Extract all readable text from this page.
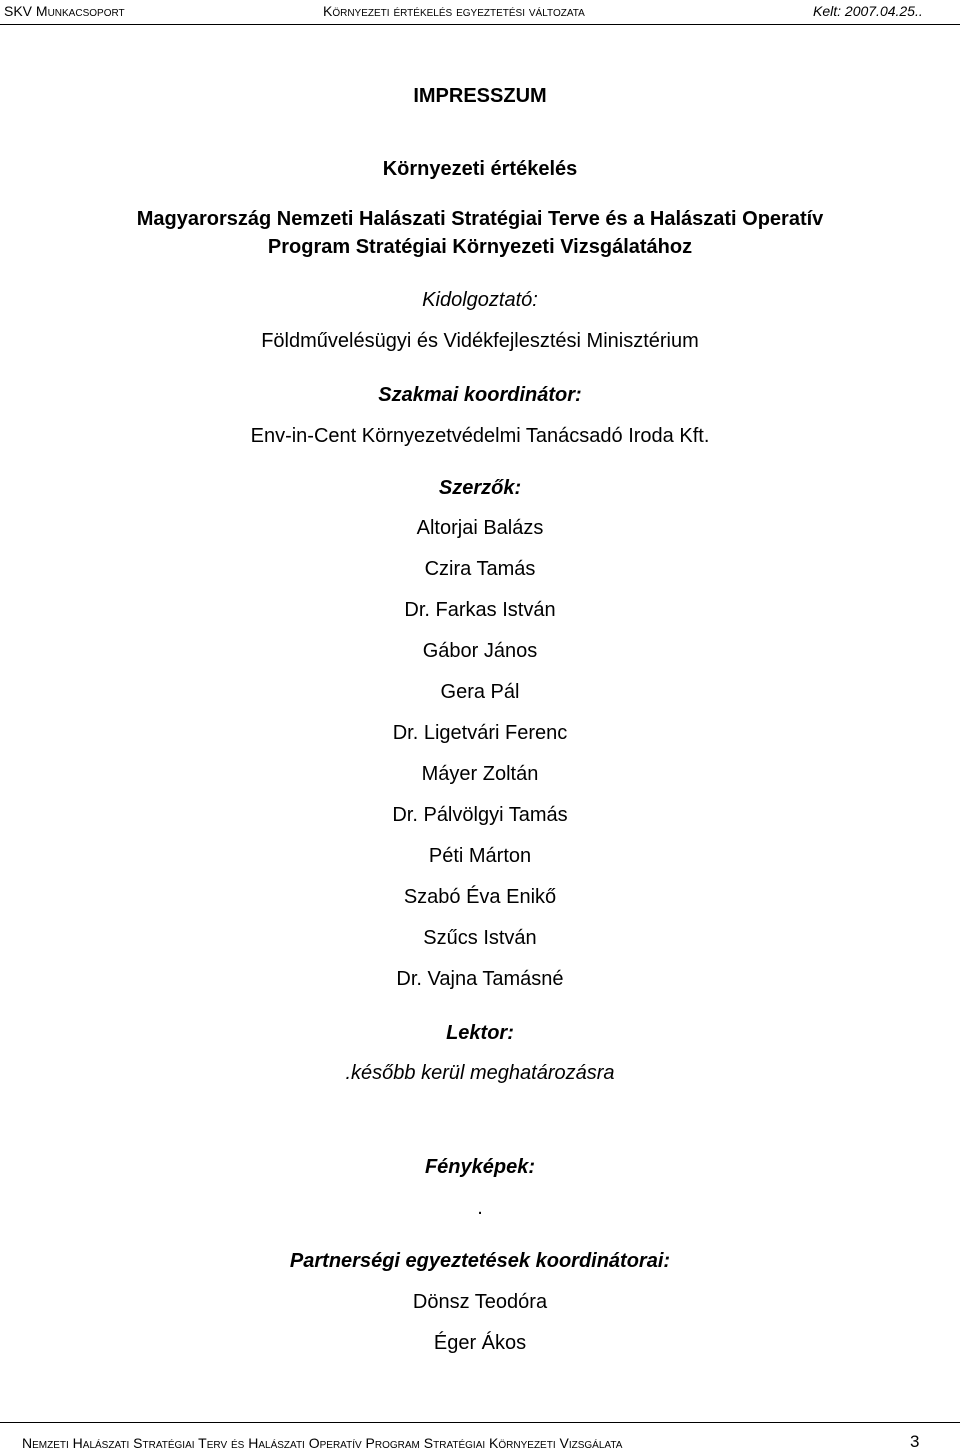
SKV Munkacsoport	Környezeti értékelés egyeztetési változata	Kelt: 2007.04.25..
IMPRESSZUM
Környezeti értékelés
Magyarország Nemzeti Halászati Stratégiai Terve és a Halászati Operatív
Program Stratégiai Környezeti Vizsgálatához
Kidolgoztató:
Földművelésügyi és Vidékfejlesztési Minisztérium
Szakmai koordinátor:
Env-in-Cent Környezetvédelmi Tanácsadó Iroda Kft.
Szerzők:
Altorjai Balázs
Czira Tamás
Dr. Farkas István
Gábor János
Gera Pál
Dr. Ligetvári Ferenc
Máyer Zoltán
Dr. Pálvölgyi Tamás
Péti Márton
Szabó Éva Enikő
Szűcs István
Dr. Vajna Tamásné
Lektor:
.később kerül meghatározásra
Fényképek:
.
Partnerségi egyeztetések koordinátorai:
Dönsz Teodóra
Éger Ákos
Nemzeti Halászati Stratégiai Terv és Halászati Operatív Program Stratégiai Környezeti Vizsgálata	3
